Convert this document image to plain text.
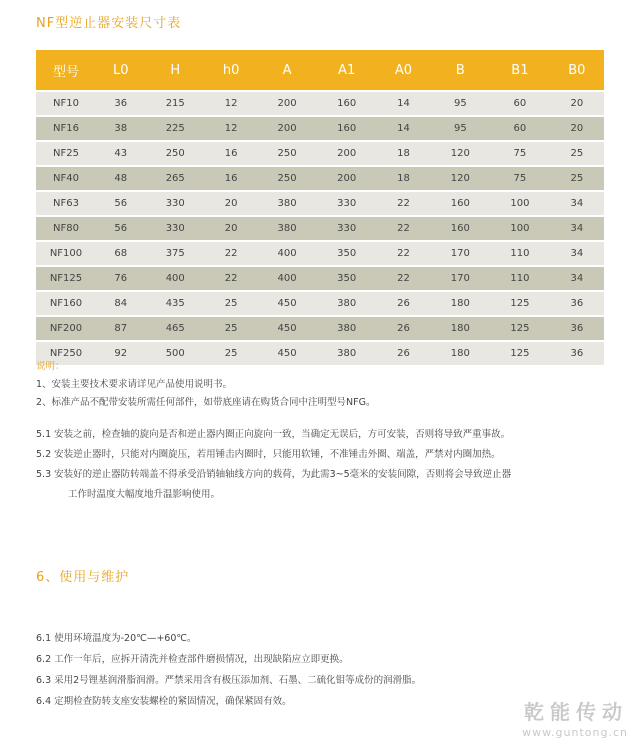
NF型逆止器安装尺寸表
型号	L0	H	h0	A	A1	A0	B	B1	B0
NF10	36	215	12	200	160	14	95	60	20
NF16	38	225	12	200	160	14	95	60	20
NF25	43	250	16	250	200	18	120	75	25
NF40	48	265	16	250	200	18	120	75	25
NF63	56	330	20	380	330	22	160	100	34
NF80	56	330	20	380	330	22	160	100	34
NF100	68	375	22	400	350	22	170	110	34
NF125	76	400	22	400	350	22	170	110	34
NF160	84	435	25	450	380	26	180	125	36
NF200	87	465	25	450	380	26	180	125	36
NF250	92	500	25	450	380	26	180	125	36
说明：
1、安装主要技术要求请详见产品使用说明书。
2、标准产品不配带安装所需任何部件，如带底座请在购货合同中注明型号NFG。
5.1 安装之前，检查轴的旋向是否和逆止器内圈正向旋向一致，当确定无误后，方可安装，否则将导致严重事故。
5.2 安装逆止器时，只能对内圈旋压，若用锤击内圈时，只能用软锤，不准锤击外圈、端盖，严禁对内圈加热。
5.3 安装好的逆止器防转端盖不得承受沿销轴轴线方向的载荷，为此需3~5毫米的安装间隙，否则将会导致逆止器
工作时温度大幅度地升温影响使用。
6、使用与维护
6.1 使用环境温度为-20℃—+60℃。
6.2 工作一年后，应拆开清洗并检查部件磨损情况，出现缺陷应立即更换。
6.3 采用2号锂基润滑脂润滑。严禁采用含有极压添加剂、石墨、二硫化钼等成份的润滑脂。
6.4 定期检查防转支座安装螺栓的紧固情况，确保紧固有效。	乾能传动
www.guntong.cn
